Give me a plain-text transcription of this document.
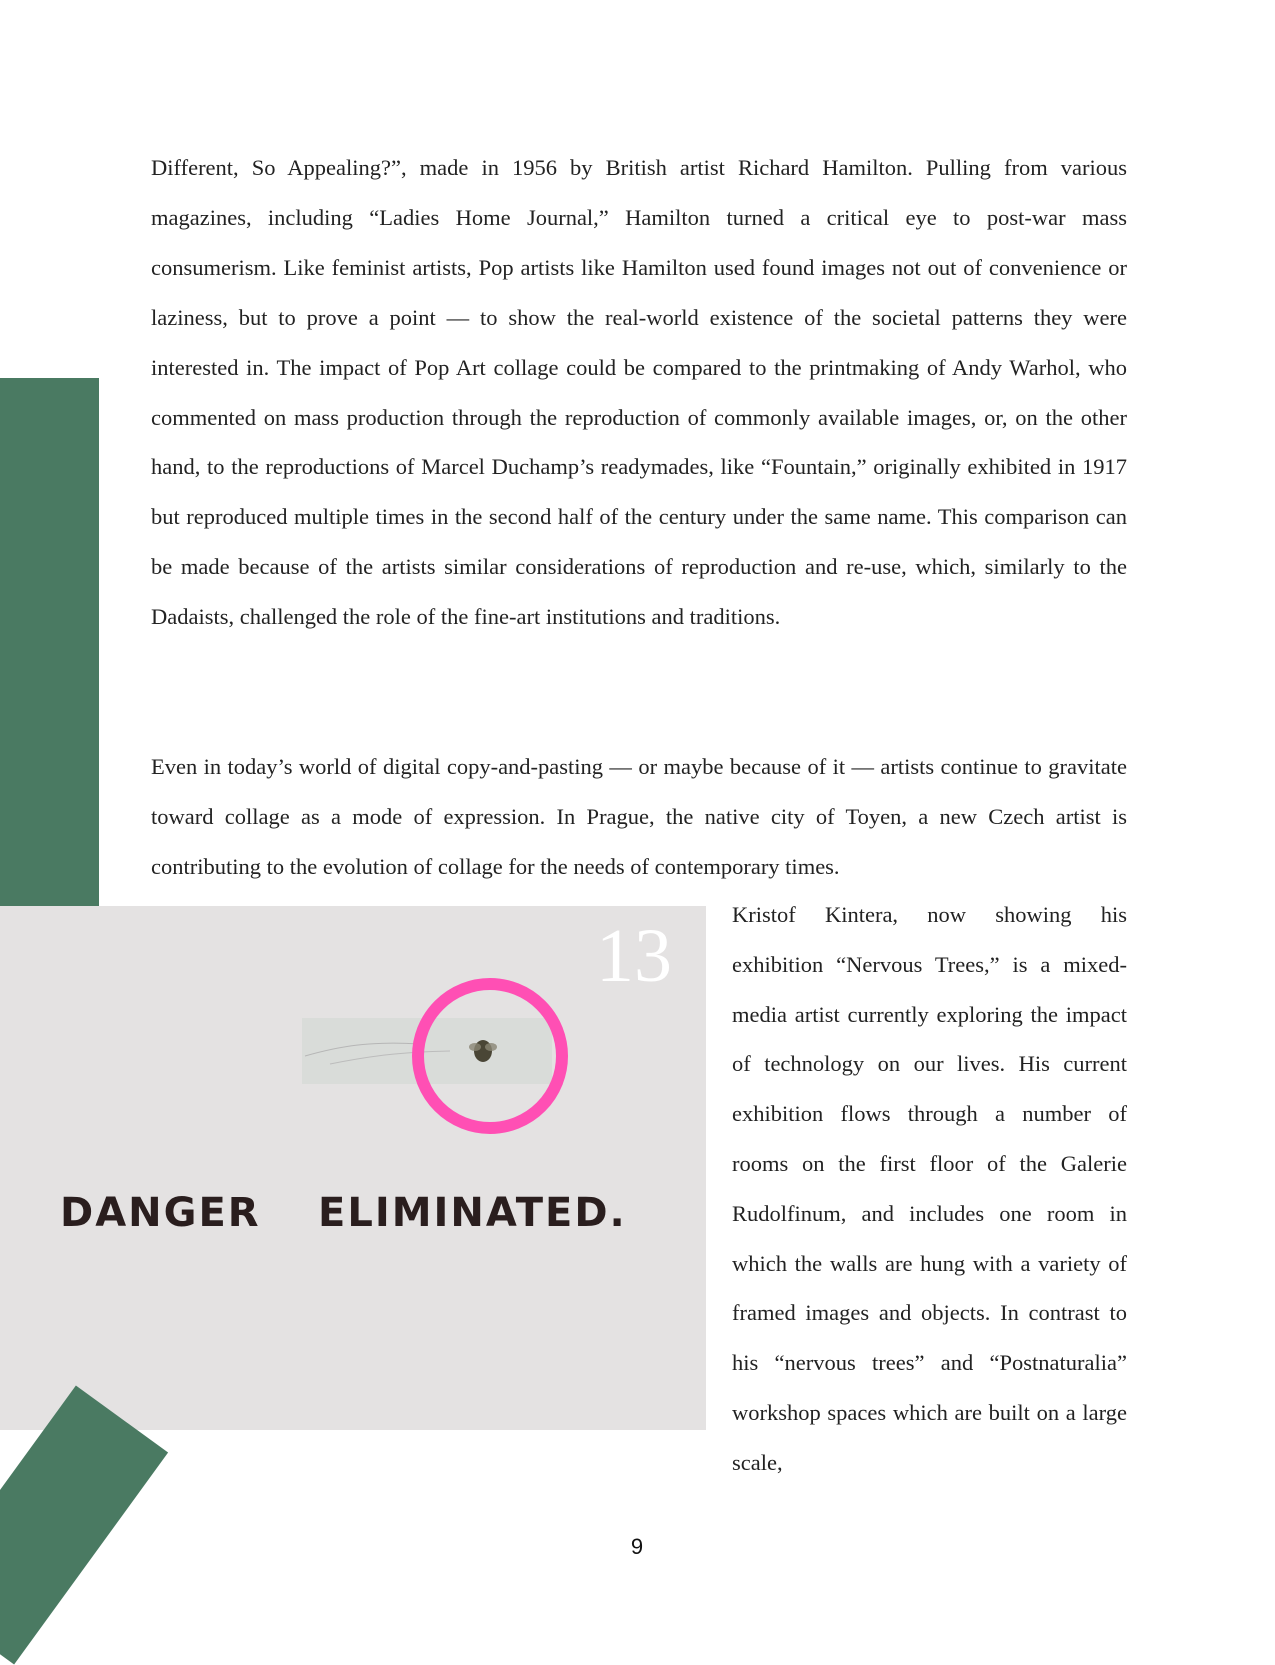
Different, So Appealing?”, made in 1956 by British artist Richard Hamilton. Pulling from various magazines, including “Ladies Home Journal,” Hamilton turned a critical eye to post-war mass consumerism. Like feminist artists, Pop artists like Hamilton used found images not out of convenience or laziness, but to prove a point — to show the real-world existence of the societal patterns they were interested in. The impact of Pop Art collage could be compared to the printmaking of Andy Warhol, who commented on mass production through the reproduction of commonly available images, or, on the other hand, to the reproductions of Marcel Duchamp’s readymades, like “Fountain,” originally exhibited in 1917 but reproduced multiple times in the second half of the century under the same name. This comparison can be made because of the artists similar considerations of reproduction and re-use, which, similarly to the Dadaists, challenged the role of the fine-art institutions and traditions.

Even in today’s world of digital copy-and-pasting — or maybe because of it — artists continue to gravitate toward collage as a mode of expression. In Prague, the native city of Toyen, a new Czech artist is contributing to the evolution of collage for the needs of contemporary times.

DANGER ELIMINATED.
13	Kristof Kintera, now showing his exhibition “Nervous Trees,” is a mixed-media artist currently exploring the impact of technology on our lives. His current exhibition flows through a number of rooms on the first floor of the Galerie Rudolfinum, and includes one room in which the walls are hung with a variety of framed images and objects. In contrast to his “nervous trees” and “Postnaturalia” workshop spaces which are built on a large scale,

9
